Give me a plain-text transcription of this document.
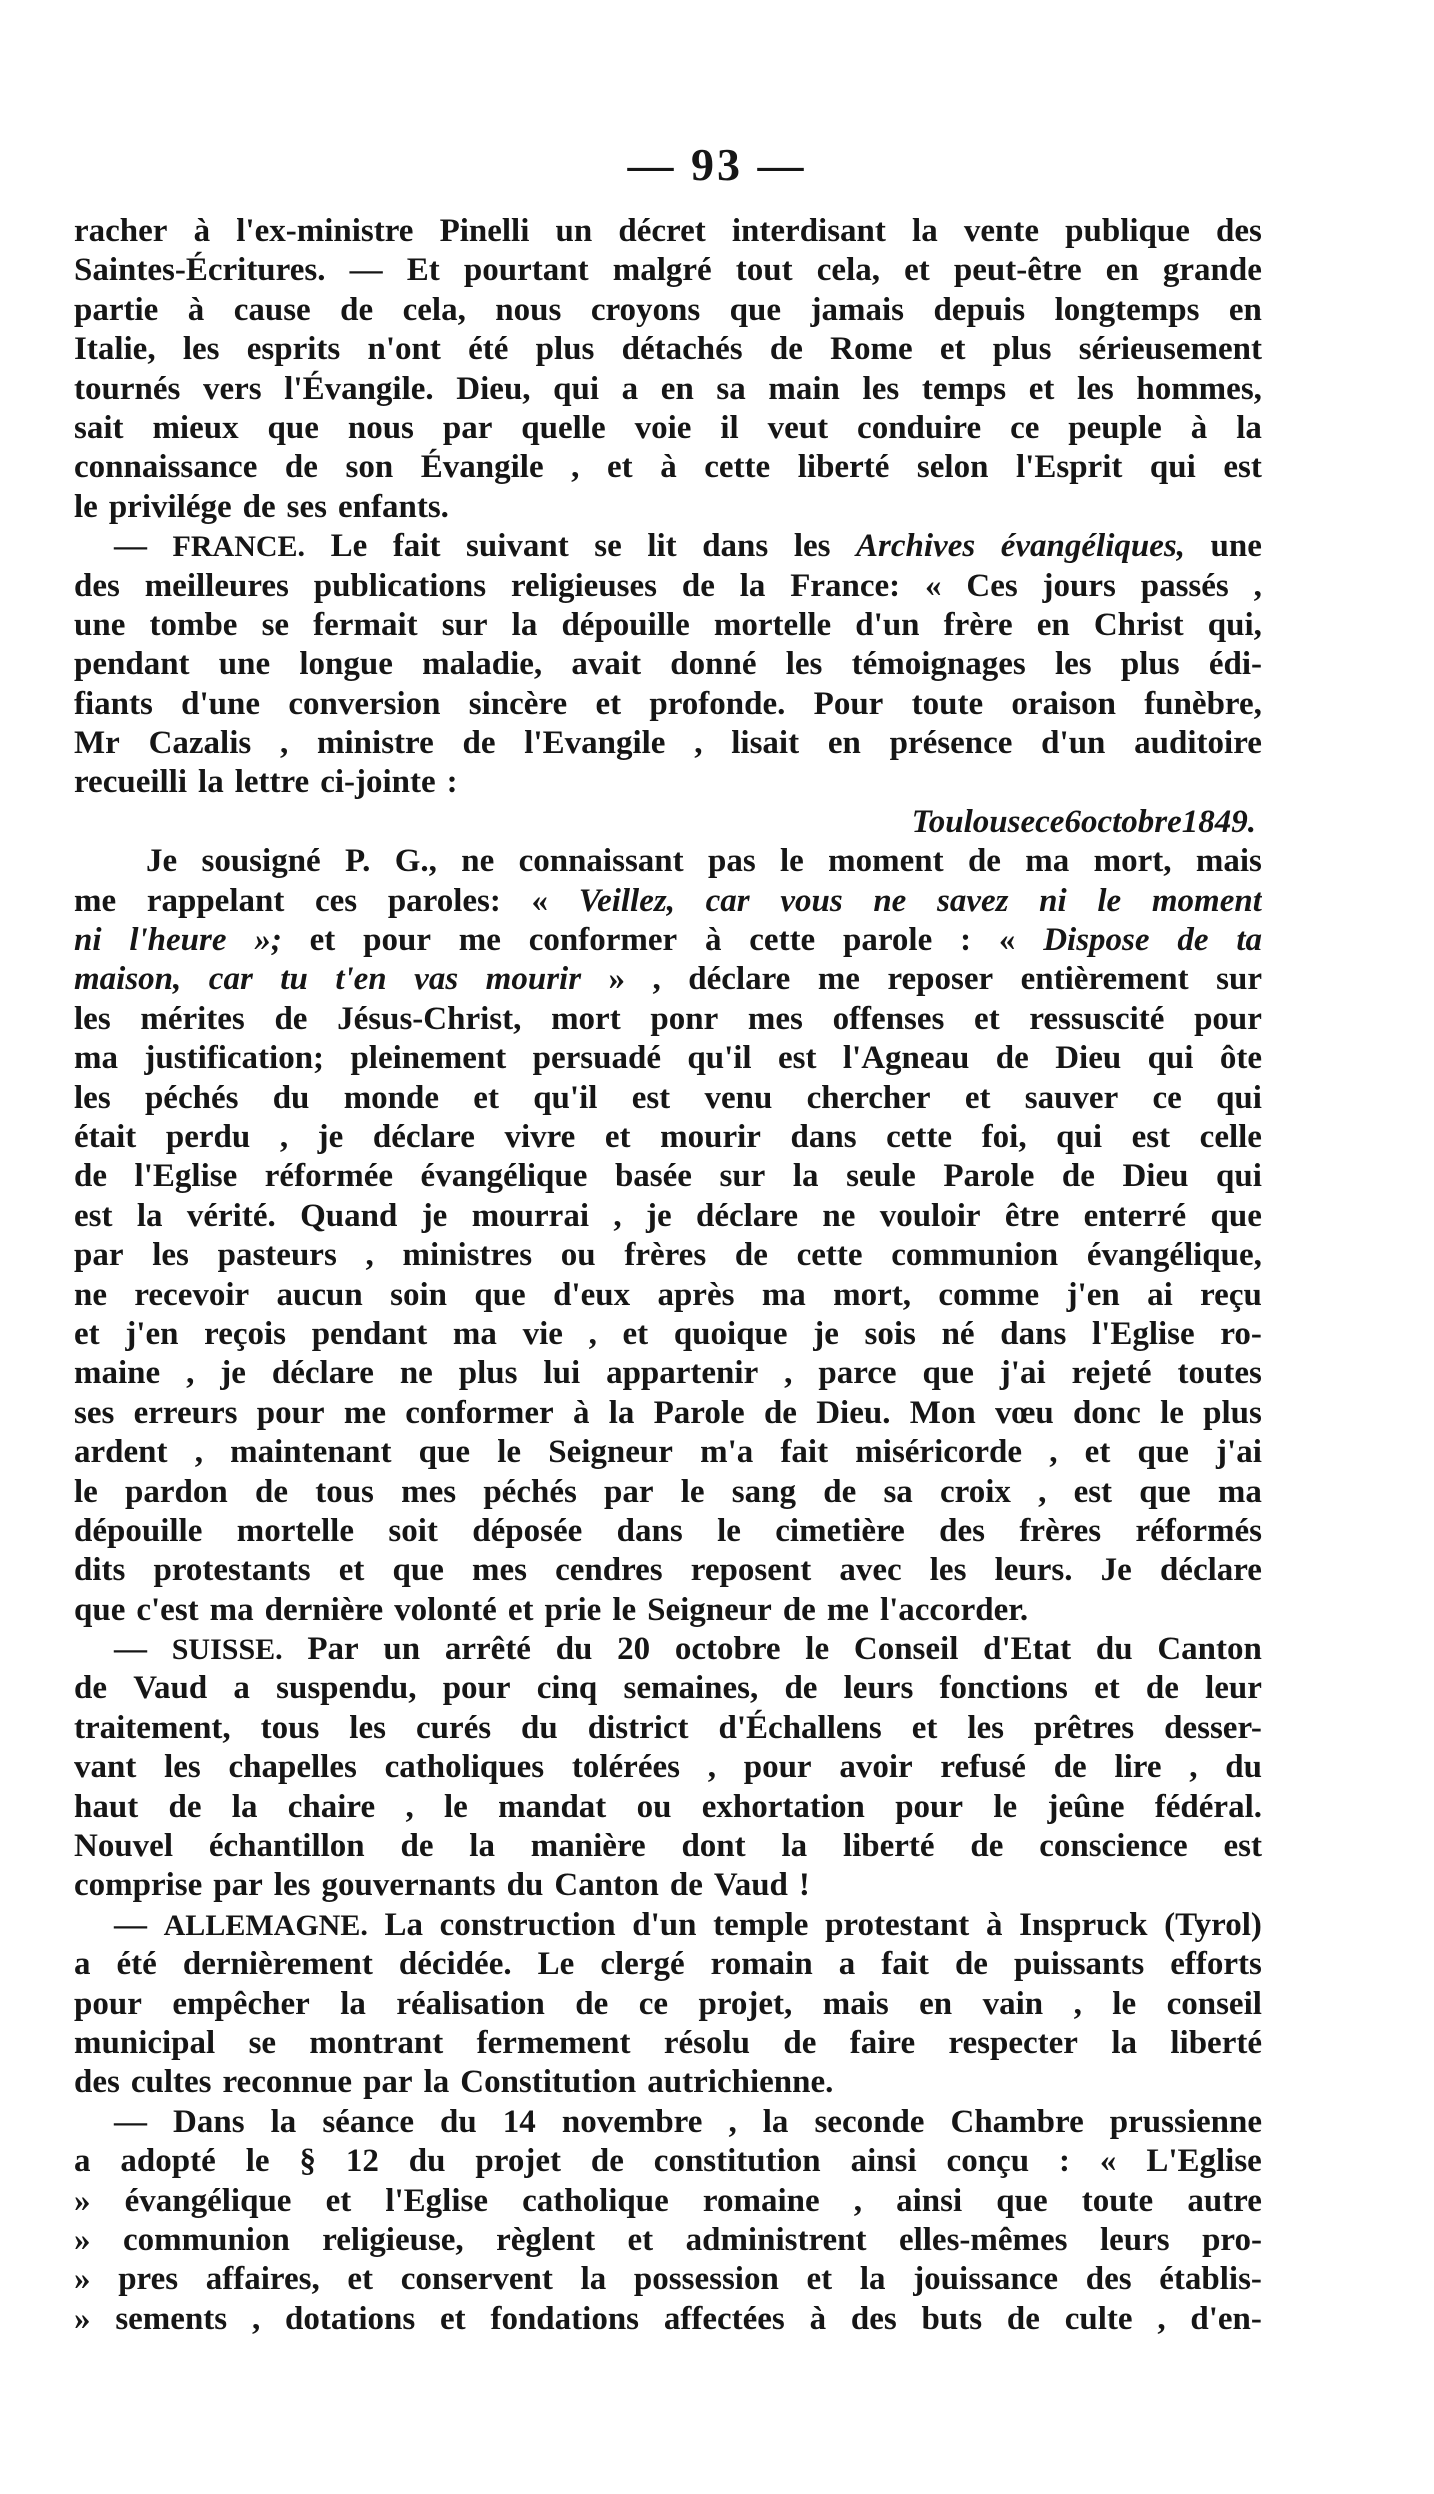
— 93 —
racher à l'ex-ministre Pinelli un décret interdisant la vente publique des
Saintes-Écritures. — Et pourtant malgré tout cela, et peut-être en grande
partie à cause de cela, nous croyons que jamais depuis longtemps en
Italie, les esprits n'ont été plus détachés de Rome et plus sérieusement
tournés vers l'Évangile. Dieu, qui a en sa main les temps et les hommes,
sait mieux que nous par quelle voie il veut conduire ce peuple à la
connaissance de son Évangile , et à cette liberté selon l'Esprit qui est
le privilége de ses enfants.
— FRANCE. Le fait suivant se lit dans les Archives évangéliques, une
des meilleures publications religieuses de la France: « Ces jours passés ,
une tombe se fermait sur la dépouille mortelle d'un frère en Christ qui,
pendant une longue maladie, avait donné les témoignages les plus édi-
fiants d'une conversion sincère et profonde. Pour toute oraison funèbre,
Mr Cazalis , ministre de l'Evangile , lisait en présence d'un auditoire
recueilli la lettre ci-jointe :
Toulouse ce 6 octobre 1849.
Je sousigné P. G., ne connaissant pas le moment de ma mort, mais
me rappelant ces paroles: « Veillez, car vous ne savez ni le moment
ni l'heure »; et pour me conformer à cette parole : « Dispose de ta
maison, car tu t'en vas mourir » , déclare me reposer entièrement sur
les mérites de Jésus-Christ, mort ponr mes offenses et ressuscité pour
ma justification; pleinement persuadé qu'il est l'Agneau de Dieu qui ôte
les péchés du monde et qu'il est venu chercher et sauver ce qui
était perdu , je déclare vivre et mourir dans cette foi, qui est celle
de l'Eglise réformée évangélique basée sur la seule Parole de Dieu qui
est la vérité. Quand je mourrai , je déclare ne vouloir être enterré que
par les pasteurs , ministres ou frères de cette communion évangélique,
ne recevoir aucun soin que d'eux après ma mort, comme j'en ai reçu
et j'en reçois pendant ma vie , et quoique je sois né dans l'Eglise ro-
maine , je déclare ne plus lui appartenir , parce que j'ai rejeté toutes
ses erreurs pour me conformer à la Parole de Dieu. Mon vœu donc le plus
ardent , maintenant que le Seigneur m'a fait miséricorde , et que j'ai
le pardon de tous mes péchés par le sang de sa croix , est que ma
dépouille mortelle soit déposée dans le cimetière des frères réformés
dits protestants et que mes cendres reposent avec les leurs. Je déclare
que c'est ma dernière volonté et prie le Seigneur de me l'accorder.
— SUISSE. Par un arrêté du 20 octobre le Conseil d'Etat du Canton
de Vaud a suspendu, pour cinq semaines, de leurs fonctions et de leur
traitement, tous les curés du district d'Échallens et les prêtres desser-
vant les chapelles catholiques tolérées , pour avoir refusé de lire , du
haut de la chaire , le mandat ou exhortation pour le jeûne fédéral.
Nouvel échantillon de la manière dont la liberté de conscience est
comprise par les gouvernants du Canton de Vaud !
— ALLEMAGNE. La construction d'un temple protestant à Inspruck (Tyrol)
a été dernièrement décidée. Le clergé romain a fait de puissants efforts
pour empêcher la réalisation de ce projet, mais en vain , le conseil
municipal se montrant fermement résolu de faire respecter la liberté
des cultes reconnue par la Constitution autrichienne.
— Dans la séance du 14 novembre , la seconde Chambre prussienne
a adopté le § 12 du projet de constitution ainsi conçu : « L'Eglise
» évangélique et l'Eglise catholique romaine , ainsi que toute autre
» communion religieuse, règlent et administrent elles-mêmes leurs pro-
» pres affaires, et conservent la possession et la jouissance des établis-
» sements , dotations et fondations affectées à des buts de culte , d'en-
